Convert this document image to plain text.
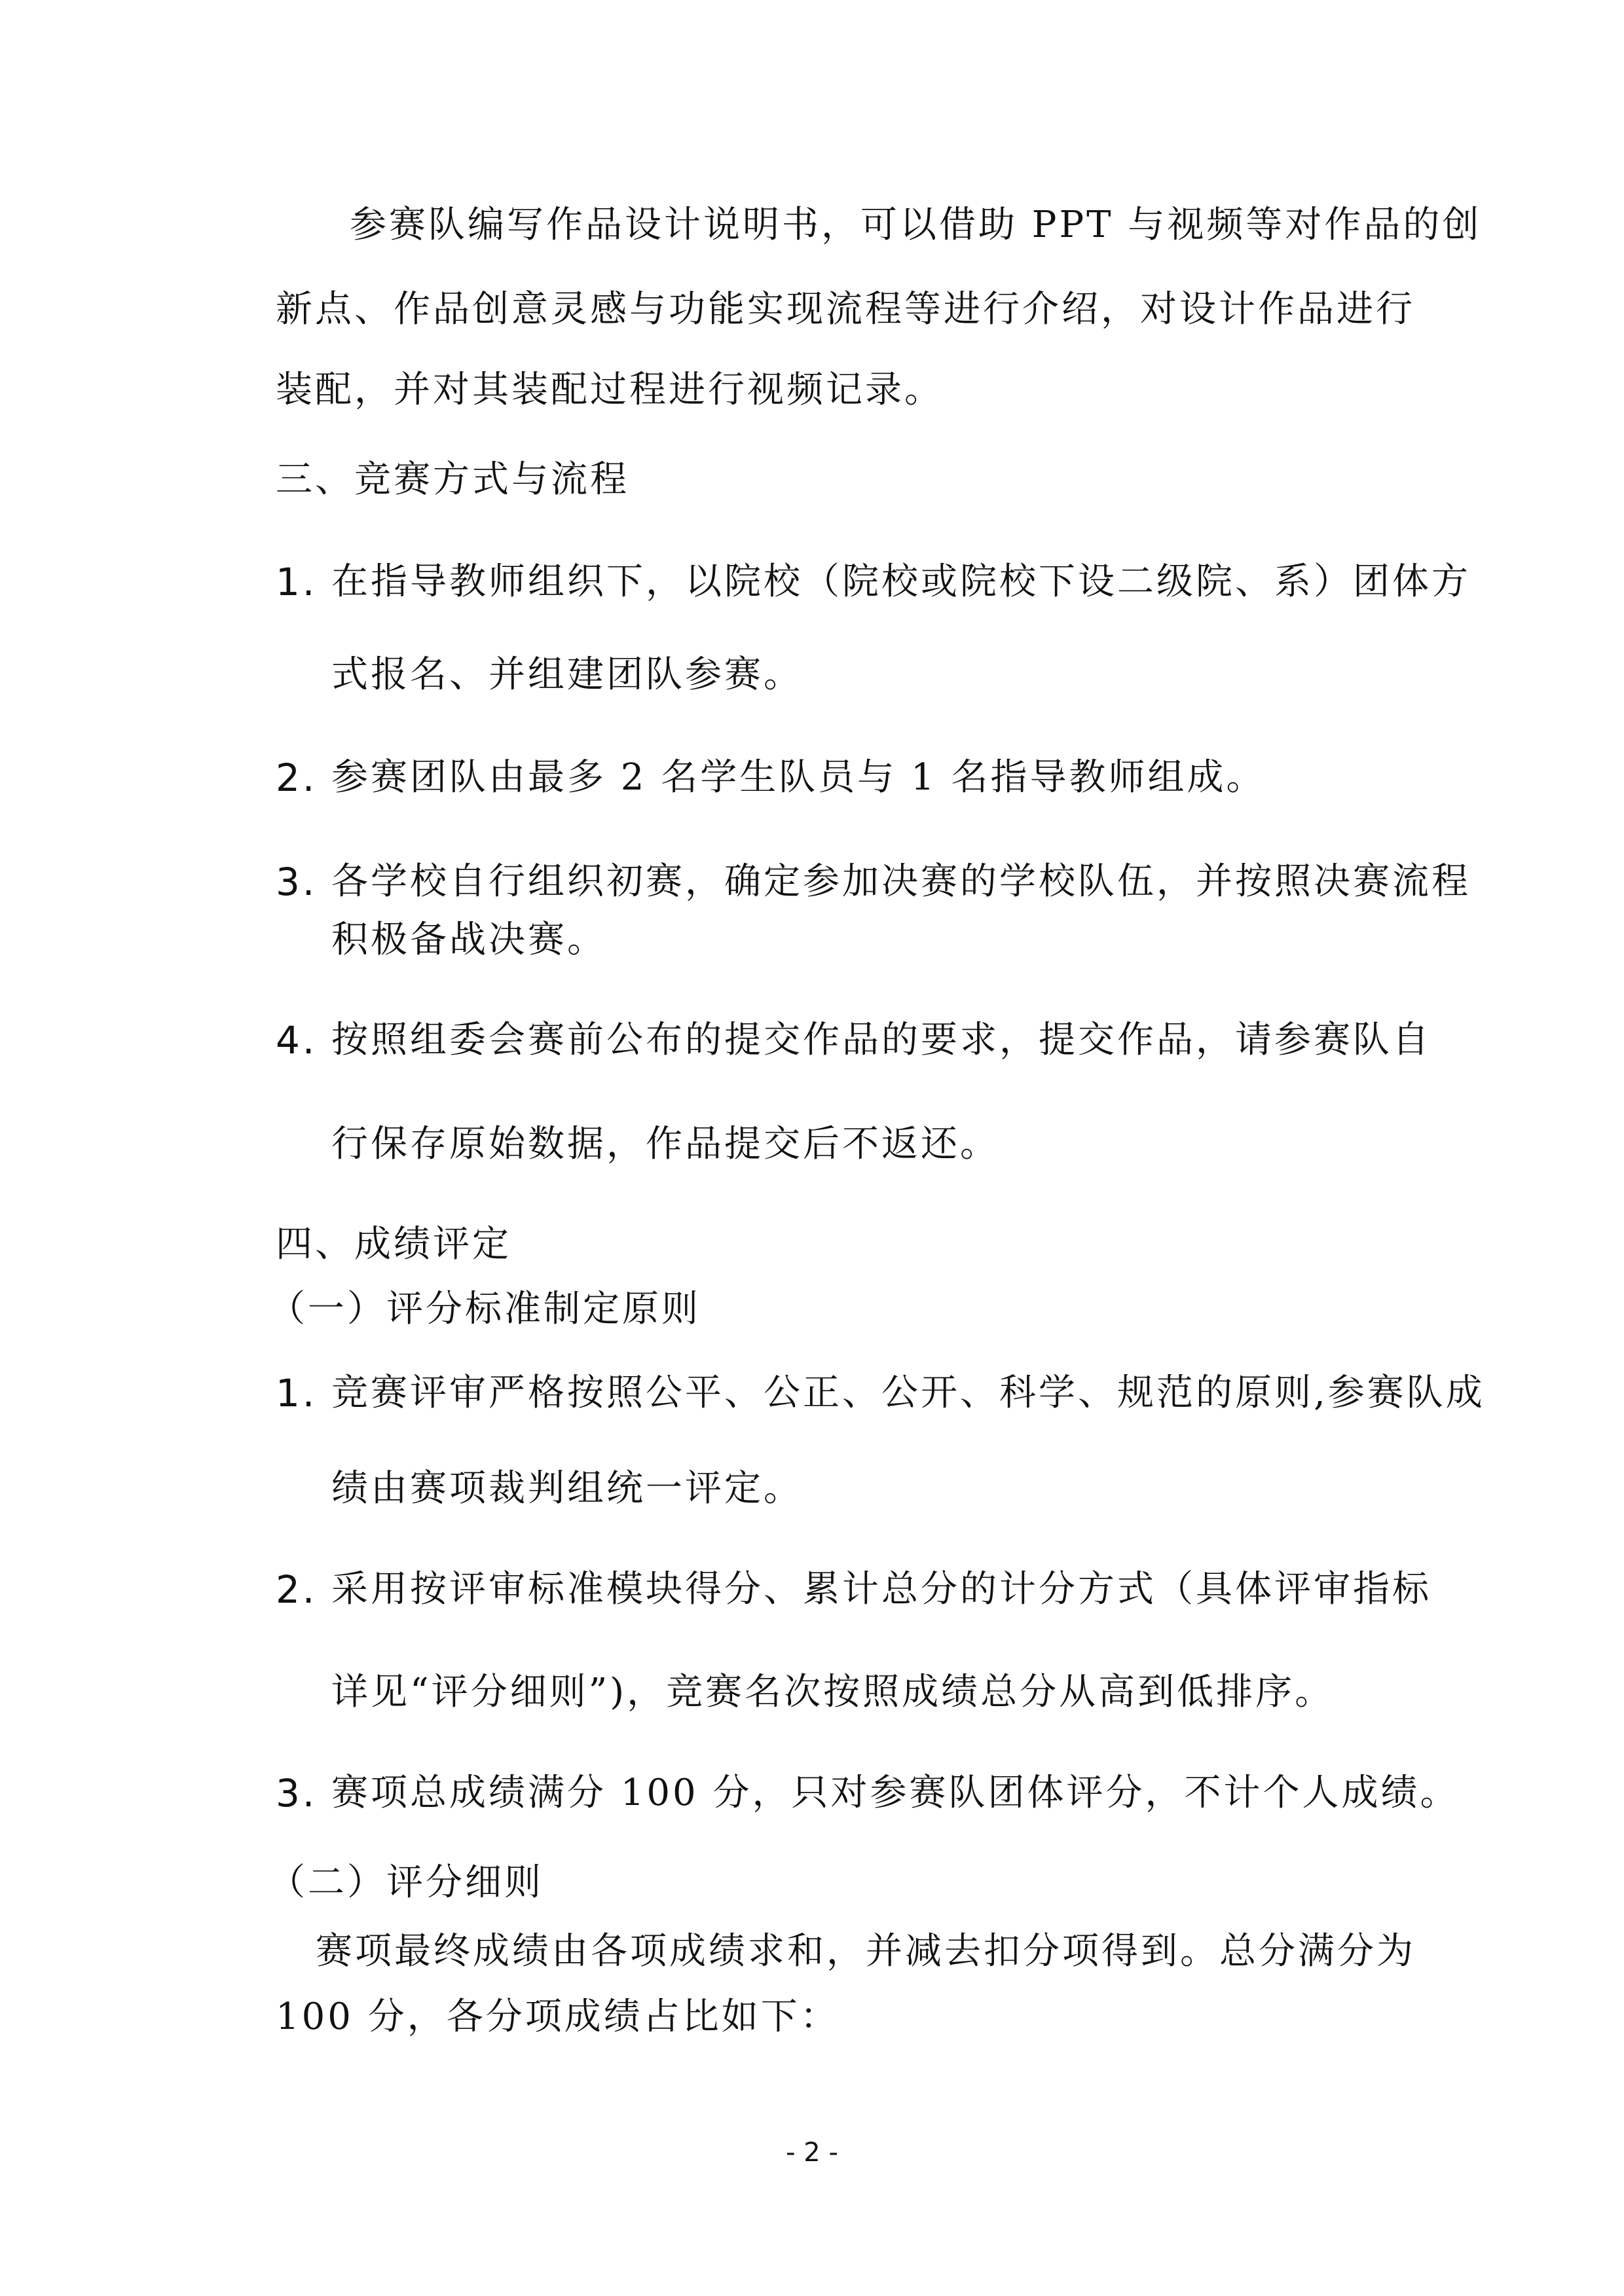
参赛队编写作品设计说明书，可以借助 PPT 与视频等对作品的创
新点、作品创意灵感与功能实现流程等进行介绍，对设计作品进行
装配，并对其装配过程进行视频记录。
三、竞赛方式与流程
1. 在指导教师组织下，以院校（院校或院校下设二级院、系）团体方
式报名、并组建团队参赛。
2. 参赛团队由最多 2 名学生队员与 1 名指导教师组成。
3. 各学校自行组织初赛，确定参加决赛的学校队伍，并按照决赛流程
积极备战决赛。
4. 按照组委会赛前公布的提交作品的要求，提交作品，请参赛队自
行保存原始数据，作品提交后不返还。
四、成绩评定
（一）评分标准制定原则
1. 竞赛评审严格按照公平、公正、公开、科学、规范的原则,参赛队成
绩由赛项裁判组统一评定。
2. 采用按评审标准模块得分、累计总分的计分方式（具体评审指标
详见“评分细则”)，竞赛名次按照成绩总分从高到低排序。
3. 赛项总成绩满分 100 分，只对参赛队团体评分，不计个人成绩。
（二）评分细则
赛项最终成绩由各项成绩求和，并减去扣分项得到。总分满分为
100 分，各分项成绩占比如下：
- 2 -
